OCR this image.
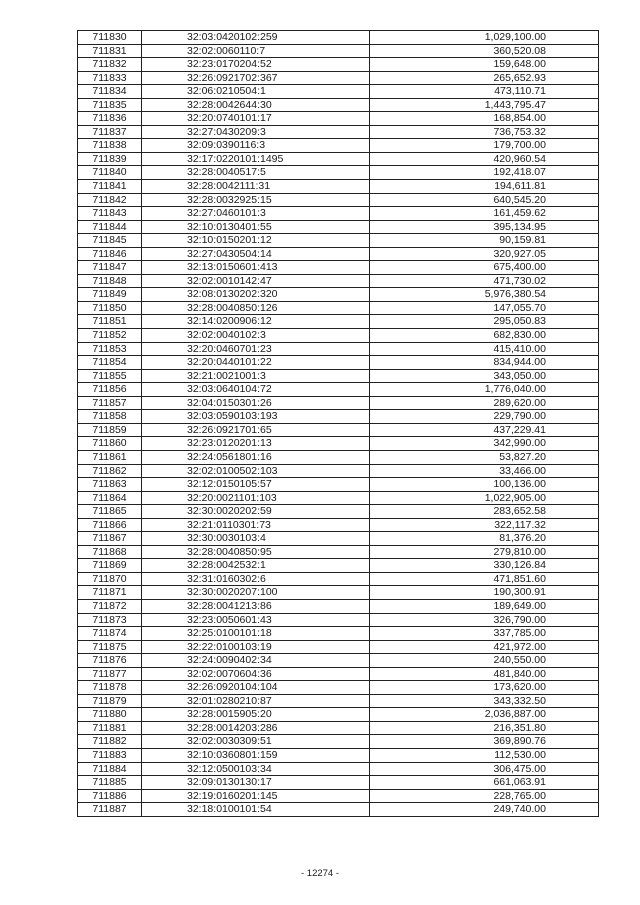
711830	32:03:0420102:259	1,029,100.00
711831	32:02:0060110:7	360,520.08
711832	32:23:0170204:52	159,648.00
711833	32:26:0921702:367	265,652.93
711834	32:06:0210504:1	473,110.71
711835	32:28:0042644:30	1,443,795.47
711836	32:20:0740101:17	168,854.00
711837	32:27:0430209:3	736,753.32
711838	32:09:0390116:3	179,700.00
711839	32:17:0220101:1495	420,960.54
711840	32:28:0040517:5	192,418.07
711841	32:28:0042111:31	194,611.81
711842	32:28:0032925:15	640,545.20
711843	32:27:0460101:3	161,459.62
711844	32:10:0130401:55	395,134.95
711845	32:10:0150201:12	90,159.81
711846	32:27:0430504:14	320,927.05
711847	32:13:0150601:413	675,400.00
711848	32:02:0010142:47	471,730.02
711849	32:08:0130202:320	5,976,380.54
711850	32:28:0040850:126	147,055.70
711851	32:14:0200906:12	295,050.83
711852	32:02:0040102:3	682,830.00
711853	32:20:0460701:23	415,410.00
711854	32:20:0440101:22	834,944.00
711855	32:21:0021001:3	343,050.00
711856	32:03:0640104:72	1,776,040.00
711857	32:04:0150301:26	289,620.00
711858	32:03:0590103:193	229,790.00
711859	32:26:0921701:65	437,229.41
711860	32:23:0120201:13	342,990.00
711861	32:24:0561801:16	53,827.20
711862	32:02:0100502:103	33,466.00
711863	32:12:0150105:57	100,136.00
711864	32:20:0021101:103	1,022,905.00
711865	32:30:0020202:59	283,652.58
711866	32:21:0110301:73	322,117.32
711867	32:30:0030103:4	81,376.20
711868	32:28:0040850:95	279,810.00
711869	32:28:0042532:1	330,126.84
711870	32:31:0160302:6	471,851.60
711871	32:30:0020207:100	190,300.91
711872	32:28:0041213:86	189,649.00
711873	32:23:0050601:43	326,790.00
711874	32:25:0100101:18	337,785.00
711875	32:22:0100103:19	421,972.00
711876	32:24:0090402:34	240,550.00
711877	32:02:0070604:36	481,840.00
711878	32:26:0920104:104	173,620.00
711879	32:01:0280210:87	343,332.50
711880	32:28:0015905:20	2,036,887.00
711881	32:28:0014203:286	216,351.80
711882	32:02:0030309:51	369,890.76
711883	32:10:0360801:159	112,530.00
711884	32:12:0500103:34	306,475.00
711885	32:09:0130130:17	661,063.91
711886	32:19:0160201:145	228,765.00
711887	32:18:0100101:54	249,740.00
- 12274 -
